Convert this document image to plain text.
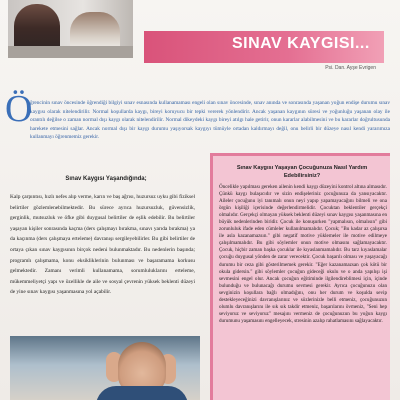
SINAV KAYGISI...
Psi. Dan. Ayşe Evrigen
Ö

ğrencinin sınav öncesinde öğrendiği bilgiyi sınav esnasında kullanamaması engeli olan sınav öncesinde, sınav anında ve sonrasında yaşanan yoğun endişe durumu sınav kaygısı olarak nitelendirilir. Normal koşullarda kaygı, bireyi koruyucu bir tepki vererek yönlendirir. Ancak yaşanan kaygının süresi ve yoğunluğu yaşanan olay ile orantılı değilse o zaman normal dışı kaygı olarak nitelendirilir. Normal dikeydeki kaygı bireyi atılgı hale getirir, onun kararlar alabilmesini ve bu kararlar doğrultusunda harekete etmesini sağlar. Ancak normal dışı bir kaygı durumu yaşıyorsak kaygıyı tümüyle ortadan kaldırmayı değil, onu belirli bir düzeye nasıl kendi yararımıza kullanmayı öğrenmemiz gerekir.

Sınav Kaygısı Yaşandığında;

Kalp çarpıntısı, hızlı nefes alıp verme, karın ve baş ağrısı, huzursuz uyku gibi fiziksel belirtiler gözlemlenebilmektedir. Bu sürece ayrıca huzursuzluk, güvensizlik, gerginlik, mutsuzluk ve öfke gibi duygusal belirtiler de eşlik edebilir. Bu belirtiler yaşayan kişiler sonrasında kaçma (ders çalışmayı bırakma, sınavı yarıda bırakma) ya da kaçınma (ders çalışmaya erteleme) davranışı sergileyebilirler. Bu gibi belirtiler de ortaya çıkan sınav kaygısının birçok nedeni bulunmaktadır. Bu nedenlerin başında; programlı çalışmama, konu eksikliklerinin bulunması ve başaramama korkusu gelmektedir. Zamanı verimli kullanamama, sorumluluklarını erteleme, mükemmeliyetçi yapı ve özellikle de aile ve sosyal çevrenin yüksek beklenti düzeyi de yine sınav kaygısı yaşanmasına yol açabilir.

Sınav Kaygısı Yaşayan Çocuğunuza Nasıl Yardım Edebilirsiniz?

Öncelikle yapılması gereken ailenin kendi kaygı düzeyini kontrol altına almasıdır. Çünkü kaygı bulaşıcıdır ve sizin endişeleriniz çocuğunuza da yansıyacaktır. Aileler çocuğunu iyi tanımalı onun neyi yapıp yapamayacağını bilmeli ve ona örgün kişiliği içerisinde değerlendirmelidir. Çocuktan beklentiler gerçekçi olmalıdır. Gerçekçi olmayan yüksek beklenti düzeyi sınav kaygısı yaşanmasına en büyük nedenlerinden biridir. Çocuk ile konuşurken "yapmalısın, olmalısın" gibi zorunluluk ifade eden cümleler kullanılmamalıdır. Çocuk; "Bu kadar az çalışırsa ile asla kazanamazsın." gibi negatif motive yüklemeler ile motive edilmeye çalışılmamalıdır. Bu gibi söylemler onun motive olmasını sağlamayacaktır. Çocuk, hiçbir zaman başka çocuklar ile kıyaslanmamalıdır. Bu tarz kıyaslamalar çocuğu duygusal yönden de zarar verecektir. Çocuk başarılı olması ve yaşayacağı durumu bir ceza gibi gösterilmemek gerekir. "Eğer kazanamazsan çok kötü bir okula gidersin." gibi söylemler çocuğun gideceği okulu ve o anda yapılışı işi sevmesini engel olur. Ancak çocuğun eğitiminde ilgilendireblimesi için, içinde bulunduğu ve bulunacağı durumu sevmesi gerekir. Ayrıca çocuğunuzu olan sevginizin koşullara bağlı olmadığını, onu her durum ve koşulda sevip destekleyeceğinizi davranışlarınız ve sözlerinizle belli etmeniz, çocuğunuzun olumlu davranışlarını ile sık sık takdir etmeniz, başarılarını övmeniz, "Seni hep seviyoruz ve seviyoruz" mesajını vermeniz de çocuğunuzun bu yoğun kaygı durumunu yaşamasını engelleyecek, stresinin azalıp rahatlamasını sağlayacaktır.
